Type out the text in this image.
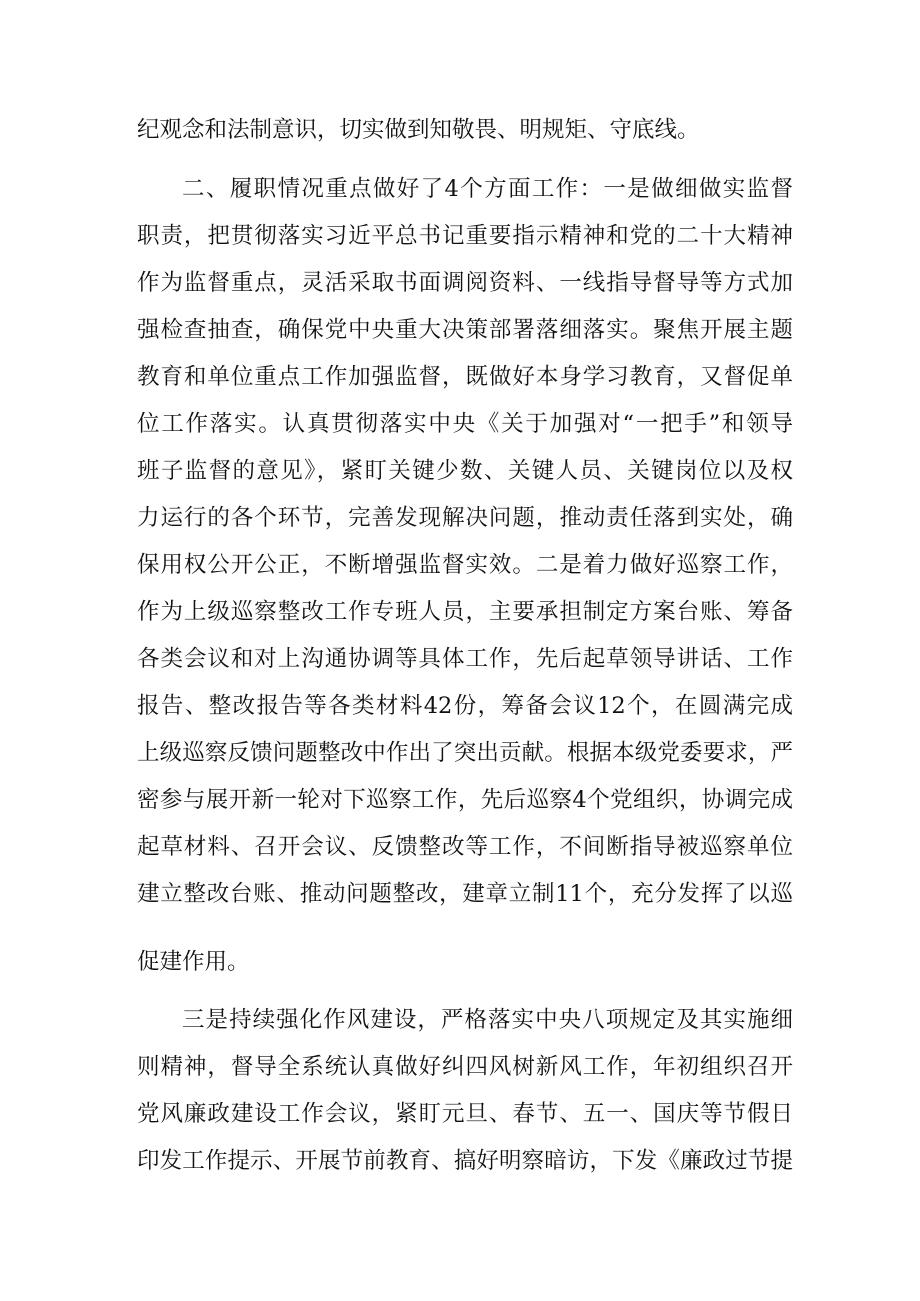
纪观念和法制意识，切实做到知敬畏、明规矩、守底线。
二、履职情况重点做好了4个方面工作：一是做细做实监督
职责，把贯彻落实习近平总书记重要指示精神和党的二十大精神
作为监督重点，灵活采取书面调阅资料、一线指导督导等方式加
强检查抽查，确保党中央重大决策部署落细落实。聚焦开展主题
教育和单位重点工作加强监督，既做好本身学习教育，又督促单
位工作落实。认真贯彻落实中央《关于加强对“一把手”和领导
班子监督的意见》，紧盯关键少数、关键人员、关键岗位以及权
力运行的各个环节，完善发现解决问题，推动责任落到实处，确
保用权公开公正，不断增强监督实效。二是着力做好巡察工作，
作为上级巡察整改工作专班人员，主要承担制定方案台账、筹备
各类会议和对上沟通协调等具体工作，先后起草领导讲话、工作
报告、整改报告等各类材料42份，筹备会议12个，在圆满完成
上级巡察反馈问题整改中作出了突出贡献。根据本级党委要求，严
密参与展开新一轮对下巡察工作，先后巡察4个党组织，协调完成
起草材料、召开会议、反馈整改等工作，不间断指导被巡察单位
建立整改台账、推动问题整改，建章立制11个，充分发挥了以巡
促建作用。
三是持续强化作风建设，严格落实中央八项规定及其实施细
则精神，督导全系统认真做好纠四风树新风工作，年初组织召开
党风廉政建设工作会议，紧盯元旦、春节、五一、国庆等节假日
印发工作提示、开展节前教育、搞好明察暗访，下发《廉政过节提
